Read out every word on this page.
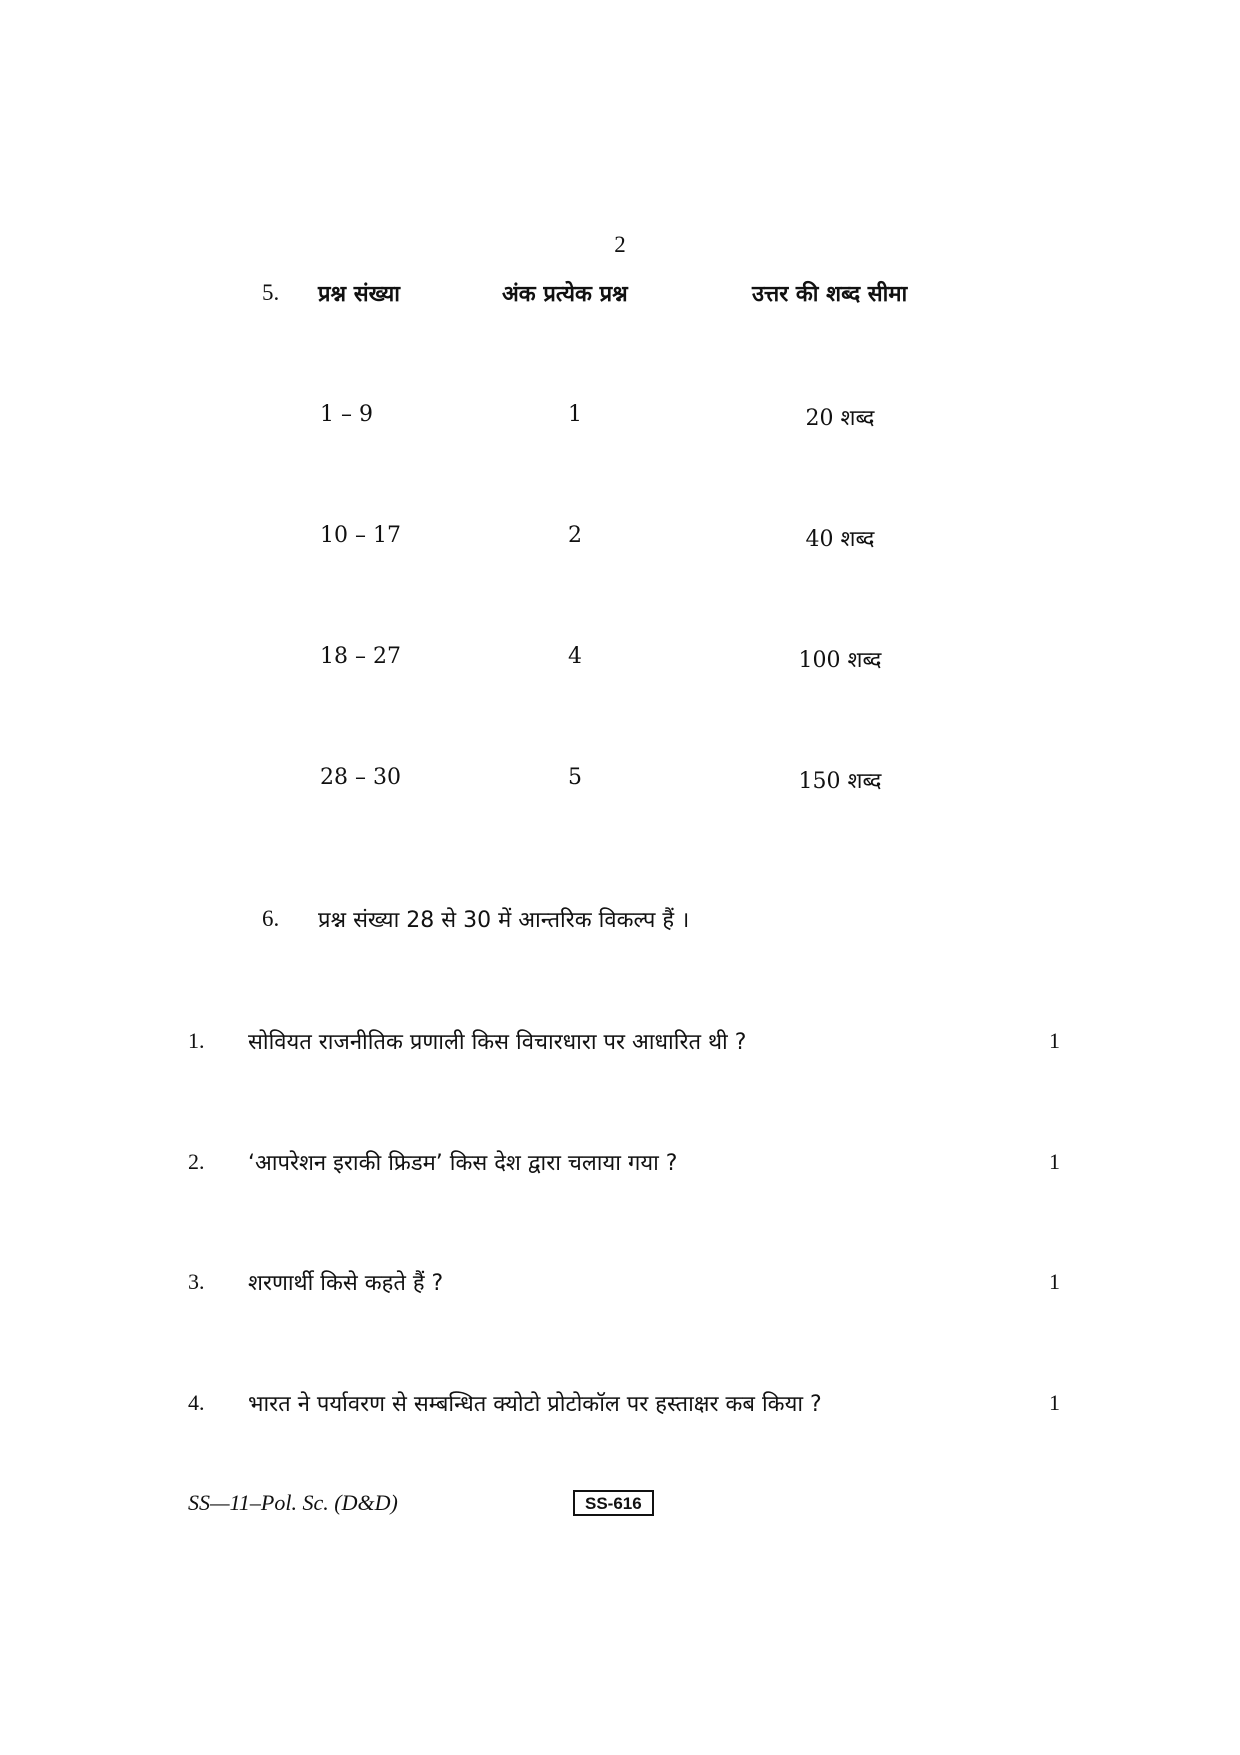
2
5. प्रश्न संख्या	अंक प्रत्येक प्रश्न	उत्तर की शब्द सीमा
1 – 9	1	20 शब्द
10 – 17	2	40 शब्द
18 – 27	4	100 शब्द
28 – 30	5	150 शब्द
6. प्रश्न संख्या 28 से 30 में आन्तरिक विकल्प हैं ।
1. सोवियत राजनीतिक प्रणाली किस विचारधारा पर आधारित थी ?	1
2. ‘आपरेशन इराकी फ्रिडम’ किस देश द्वारा चलाया गया ?	1
3. शरणार्थी किसे कहते हैं ?	1
4. भारत ने पर्यावरण से सम्बन्धित क्योटो प्रोटोकॉल पर हस्ताक्षर कब किया ?	1
SS—11–Pol. Sc. (D&D)	SS-616
